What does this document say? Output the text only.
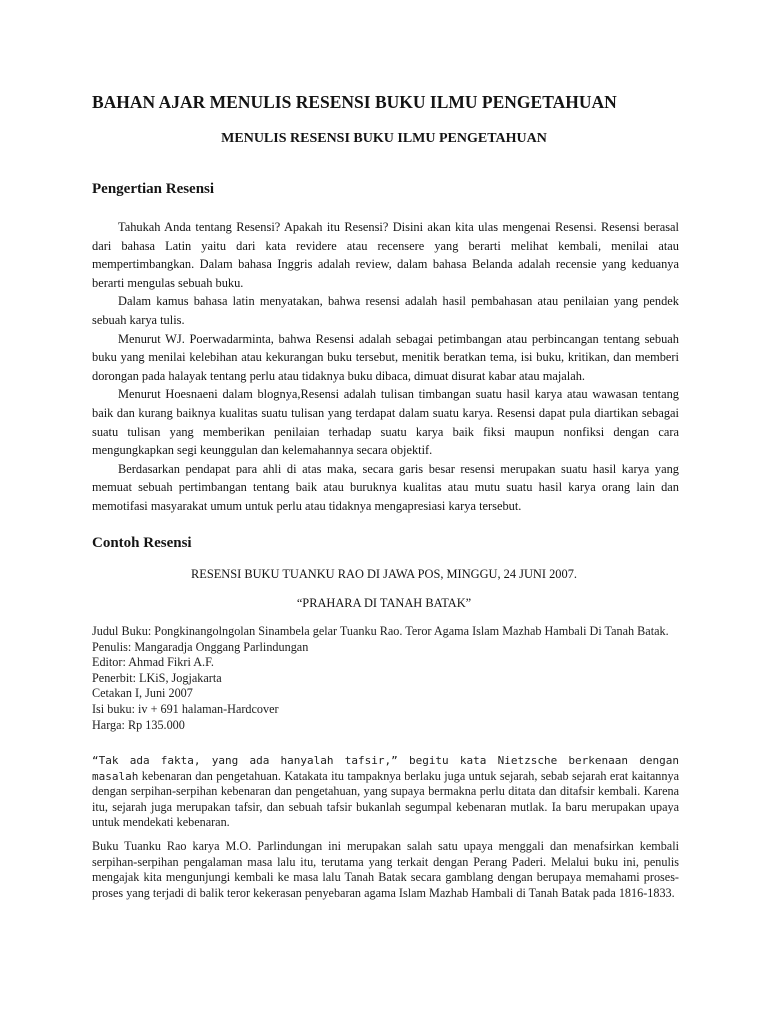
BAHAN AJAR MENULIS RESENSI BUKU ILMU PENGETAHUAN
MENULIS RESENSI BUKU ILMU PENGETAHUAN
Pengertian Resensi

Tahukah Anda tentang Resensi? Apakah itu Resensi? Disini akan kita ulas mengenai Resensi. Resensi berasal dari bahasa Latin yaitu dari kata revidere atau recensere yang berarti melihat kembali, menilai atau mempertimbangkan. Dalam bahasa Inggris adalah review, dalam bahasa Belanda adalah recensie yang keduanya berarti mengulas sebuah buku.

Dalam kamus bahasa latin menyatakan, bahwa resensi adalah hasil pembahasan atau penilaian yang pendek sebuah karya tulis.

Menurut WJ. Poerwadarminta, bahwa Resensi adalah sebagai petimbangan atau perbincangan tentang sebuah buku yang menilai kelebihan atau kekurangan buku tersebut, menitik beratkan tema, isi buku, kritikan, dan memberi dorongan pada halayak tentang perlu atau tidaknya buku dibaca, dimuat disurat kabar atau majalah.

Menurut Hoesnaeni dalam blognya,Resensi adalah tulisan timbangan suatu hasil karya atau wawasan tentang baik dan kurang baiknya kualitas suatu tulisan yang terdapat dalam suatu karya. Resensi dapat pula diartikan sebagai suatu tulisan yang memberikan penilaian terhadap suatu karya baik fiksi maupun nonfiksi dengan cara mengungkapkan segi keunggulan dan kelemahannya secara objektif.

Berdasarkan pendapat para ahli di atas maka, secara garis besar resensi merupakan suatu hasil karya yang memuat sebuah pertimbangan tentang baik atau buruknya kualitas atau mutu suatu hasil karya orang lain dan memotifasi masyarakat umum untuk perlu atau tidaknya mengapresiasi karya tersebut.

Contoh Resensi
RESENSI BUKU TUANKU RAO DI JAWA POS, MINGGU, 24 JUNI 2007.
“PRAHARA DI TANAH BATAK”
Judul Buku: Pongkinangolngolan Sinambela gelar Tuanku Rao. Teror Agama Islam Mazhab Hambali Di Tanah Batak.
Penulis: Mangaradja Onggang Parlindungan
Editor: Ahmad Fikri A.F.
Penerbit: LKiS, Jogjakarta
Cetakan I, Juni 2007
Isi buku: iv + 691 halaman-Hardcover
Harga: Rp 135.000
“Tak ada fakta, yang ada hanyalah tafsir,” begitu kata Nietzsche berkenaan dengan masalah kebenaran dan pengetahuan. Katakata itu tampaknya berlaku juga untuk sejarah, sebab sejarah erat kaitannya dengan serpihan-serpihan kebenaran dan pengetahuan, yang supaya bermakna perlu ditata dan ditafsir kembali. Karena itu, sejarah juga merupakan tafsir, dan sebuah tafsir bukanlah segumpal kebenaran mutlak. Ia baru merupakan upaya untuk mendekati kebenaran.
Buku Tuanku Rao karya M.O. Parlindungan ini merupakan salah satu upaya menggali dan menafsirkan kembali serpihan-serpihan pengalaman masa lalu itu, terutama yang terkait dengan Perang Paderi. Melalui buku ini, penulis mengajak kita mengunjungi kembali ke masa lalu Tanah Batak secara gamblang dengan berupaya memahami proses-proses yang terjadi di balik teror kekerasan penyebaran agama Islam Mazhab Hambali di Tanah Batak pada 1816-1833.
